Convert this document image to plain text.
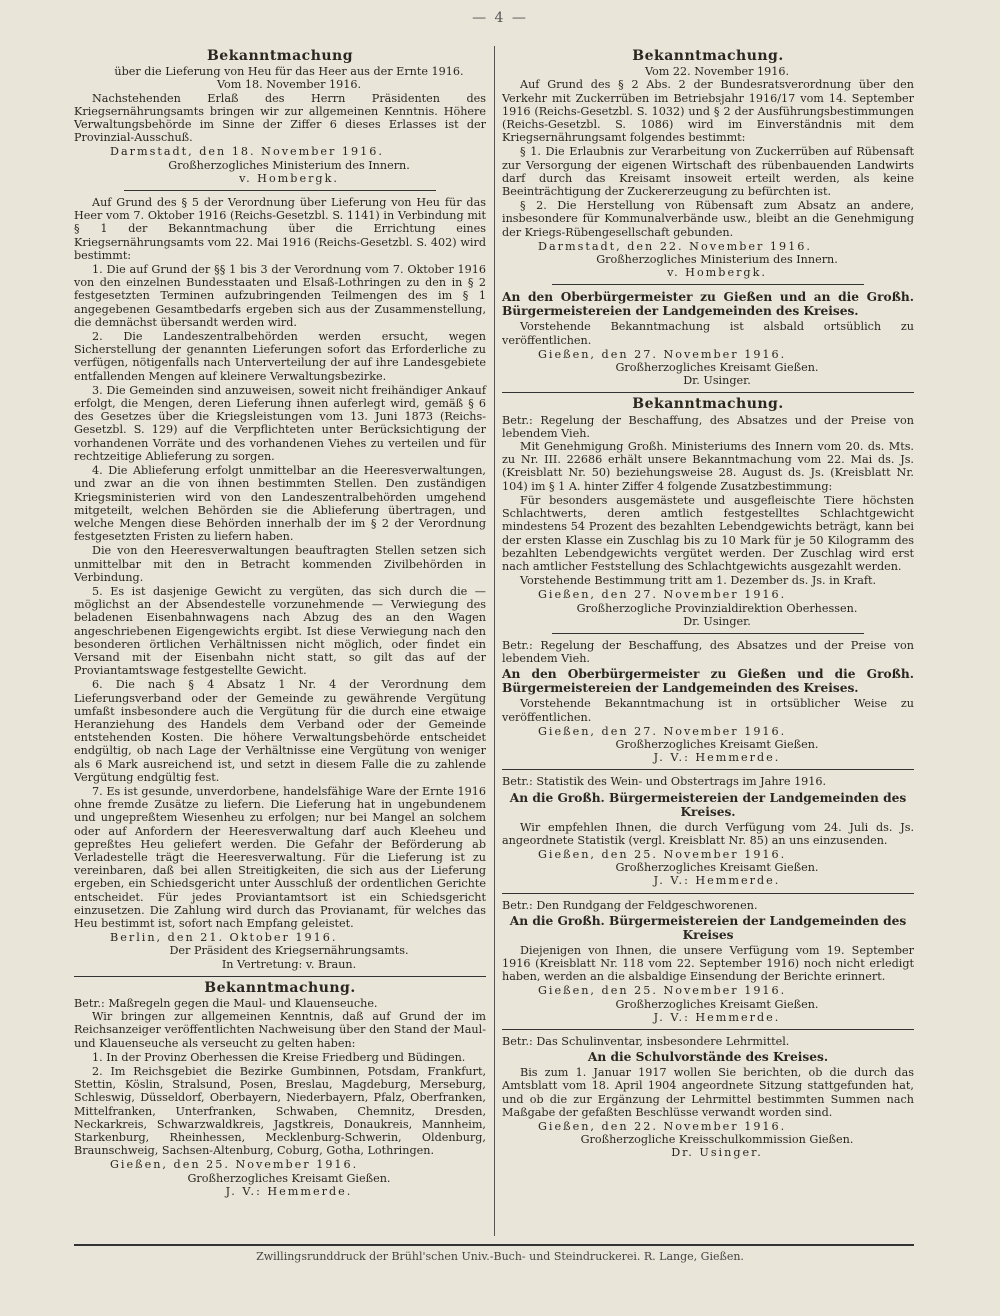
— 4 —
Bekanntmachung

über die Lieferung von Heu für das Heer aus der Ernte 1916.

Vom 18. November 1916.

Nachstehenden Erlaß des Herrn Präsidenten des Kriegsernährungsamts bringen wir zur allgemeinen Kenntnis. Höhere Verwaltungsbehörde im Sinne der Ziffer 6 dieses Erlasses ist der Provinzial-Ausschuß.

Darmstadt, den 18. November 1916.

Großherzogliches Ministerium des Innern.

v. Hombergk.

Auf Grund des § 5 der Verordnung über Lieferung von Heu für das Heer vom 7. Oktober 1916 (Reichs-Gesetzbl. S. 1141) in Verbindung mit § 1 der Bekanntmachung über die Errichtung eines Kriegsernährungsamts vom 22. Mai 1916 (Reichs-Gesetzbl. S. 402) wird bestimmt:

1. Die auf Grund der §§ 1 bis 3 der Verordnung vom 7. Oktober 1916 von den einzelnen Bundesstaaten und Elsaß-Lothringen zu den in § 2 festgesetzten Terminen aufzubringenden Teilmengen des im § 1 angegebenen Gesamtbedarfs ergeben sich aus der Zusammenstellung, die demnächst übersandt werden wird.

2. Die Landeszentralbehörden werden ersucht, wegen Sicherstellung der genannten Lieferungen sofort das Erforderliche zu verfügen, nötigenfalls nach Unterverteilung der auf ihre Landesgebiete entfallenden Mengen auf kleinere Verwaltungsbezirke.

3. Die Gemeinden sind anzuweisen, soweit nicht freihändiger Ankauf erfolgt, die Mengen, deren Lieferung ihnen auferlegt wird, gemäß § 6 des Gesetzes über die Kriegsleistungen vom 13. Juni 1873 (Reichs-Gesetzbl. S. 129) auf die Verpflichteten unter Berücksichtigung der vorhandenen Vorräte und des vorhandenen Viehes zu verteilen und für rechtzeitige Ablieferung zu sorgen.

4. Die Ablieferung erfolgt unmittelbar an die Heeresverwaltungen, und zwar an die von ihnen bestimmten Stellen. Den zuständigen Kriegsministerien wird von den Landeszentralbehörden umgehend mitgeteilt, welchen Behörden sie die Ablieferung übertragen, und welche Mengen diese Behörden innerhalb der im § 2 der Verordnung festgesetzten Fristen zu liefern haben.

Die von den Heeresverwaltungen beauftragten Stellen setzen sich unmittelbar mit den in Betracht kommenden Zivilbehörden in Verbindung.

5. Es ist dasjenige Gewicht zu vergüten, das sich durch die — möglichst an der Absendestelle vorzunehmende — Verwiegung des beladenen Eisenbahnwagens nach Abzug des an den Wagen angeschriebenen Eigengewichts ergibt. Ist diese Verwiegung nach den besonderen örtlichen Verhältnissen nicht möglich, oder findet ein Versand mit der Eisenbahn nicht statt, so gilt das auf der Proviantamtswage festgestellte Gewicht.

6. Die nach § 4 Absatz 1 Nr. 4 der Verordnung dem Lieferungsverband oder der Gemeinde zu gewährende Vergütung umfaßt insbesondere auch die Vergütung für die durch eine etwaige Heranziehung des Handels dem Verband oder der Gemeinde entstehenden Kosten. Die höhere Verwaltungsbehörde entscheidet endgültig, ob nach Lage der Verhältnisse eine Vergütung von weniger als 6 Mark ausreichend ist, und setzt in diesem Falle die zu zahlende Vergütung endgültig fest.

7. Es ist gesunde, unverdorbene, handelsfähige Ware der Ernte 1916 ohne fremde Zusätze zu liefern. Die Lieferung hat in ungebundenem und ungepreßtem Wiesenheu zu erfolgen; nur bei Mangel an solchem oder auf Anfordern der Heeresverwaltung darf auch Kleeheu und gepreßtes Heu geliefert werden. Die Gefahr der Beförderung ab Verladestelle trägt die Heeresverwaltung. Für die Lieferung ist zu vereinbaren, daß bei allen Streitigkeiten, die sich aus der Lieferung ergeben, ein Schiedsgericht unter Ausschluß der ordentlichen Gerichte entscheidet. Für jedes Proviantamtsort ist ein Schiedsgericht einzusetzen. Die Zahlung wird durch das Provianamt, für welches das Heu bestimmt ist, sofort nach Empfang geleistet.

Berlin, den 21. Oktober 1916.

Der Präsident des Kriegsernährungsamts.

In Vertretung: v. Braun.

Bekanntmachung.

Betr.: Maßregeln gegen die Maul- und Klauenseuche.

Wir bringen zur allgemeinen Kenntnis, daß auf Grund der im Reichsanzeiger veröffentlichten Nachweisung über den Stand der Maul- und Klauenseuche als verseucht zu gelten haben:

1. In der Provinz Oberhessen die Kreise Friedberg und Büdingen.

2. Im Reichsgebiet die Bezirke Gumbinnen, Potsdam, Frankfurt, Stettin, Köslin, Stralsund, Posen, Breslau, Magdeburg, Merseburg, Schleswig, Düsseldorf, Oberbayern, Niederbayern, Pfalz, Oberfranken, Mittelfranken, Unterfranken, Schwaben, Chemnitz, Dresden, Neckarkreis, Schwarzwaldkreis, Jagstkreis, Donaukreis, Mannheim, Starkenburg, Rheinhessen, Mecklenburg-Schwerin, Oldenburg, Braunschweig, Sachsen-Altenburg, Coburg, Gotha, Lothringen.

Gießen, den 25. November 1916.

Großherzogliches Kreisamt Gießen.

J. V.: Hemmerde.

Bekanntmachung.

Vom 22. November 1916.

Auf Grund des § 2 Abs. 2 der Bundesratsverordnung über den Verkehr mit Zuckerrüben im Betriebsjahr 1916/17 vom 14. September 1916 (Reichs-Gesetzbl. S. 1032) und § 2 der Ausführungsbestimmungen (Reichs-Gesetzbl. S. 1086) wird im Einverständnis mit dem Kriegsernährungsamt folgendes bestimmt:

§ 1. Die Erlaubnis zur Verarbeitung von Zuckerrüben auf Rübensaft zur Versorgung der eigenen Wirtschaft des rübenbauenden Landwirts darf durch das Kreisamt insoweit erteilt werden, als keine Beeinträchtigung der Zuckererzeugung zu befürchten ist.

§ 2. Die Herstellung von Rübensaft zum Absatz an andere, insbesondere für Kommunalverbände usw., bleibt an die Genehmigung der Kriegs-Rübengesellschaft gebunden.

Darmstadt, den 22. November 1916.

Großherzogliches Ministerium des Innern.

v. Hombergk.

An den Oberbürgermeister zu Gießen und an die Großh. Bürgermeistereien der Landgemeinden des Kreises.

Vorstehende Bekanntmachung ist alsbald ortsüblich zu veröffentlichen.

Gießen, den 27. November 1916.

Großherzogliches Kreisamt Gießen.

Dr. Usinger.

Bekanntmachung.

Betr.: Regelung der Beschaffung, des Absatzes und der Preise von lebendem Vieh.

Mit Genehmigung Großh. Ministeriums des Innern vom 20. ds. Mts. zu Nr. III. 22686 erhält unsere Bekanntmachung vom 22. Mai ds. Js. (Kreisblatt Nr. 50) beziehungsweise 28. August ds. Js. (Kreisblatt Nr. 104) im § 1 A. hinter Ziffer 4 folgende Zusatzbestimmung:

Für besonders ausgemästete und ausgefleischte Tiere höchsten Schlachtwerts, deren amtlich festgestelltes Schlachtgewicht mindestens 54 Prozent des bezahlten Lebendgewichts beträgt, kann bei der ersten Klasse ein Zuschlag bis zu 10 Mark für je 50 Kilogramm des bezahlten Lebendgewichts vergütet werden. Der Zuschlag wird erst nach amtlicher Feststellung des Schlachtgewichts ausgezahlt werden.

Vorstehende Bestimmung tritt am 1. Dezember ds. Js. in Kraft.

Gießen, den 27. November 1916.

Großherzogliche Provinzialdirektion Oberhessen.

Dr. Usinger.

Betr.: Regelung der Beschaffung, des Absatzes und der Preise von lebendem Vieh.

An den Oberbürgermeister zu Gießen und die Großh. Bürgermeistereien der Landgemeinden des Kreises.

Vorstehende Bekanntmachung ist in ortsüblicher Weise zu veröffentlichen.

Gießen, den 27. November 1916.

Großherzogliches Kreisamt Gießen.

J. V.: Hemmerde.

Betr.: Statistik des Wein- und Obstertrags im Jahre 1916.

An die Großh. Bürgermeistereien der Landgemeinden des Kreises.

Wir empfehlen Ihnen, die durch Verfügung vom 24. Juli ds. Js. angeordnete Statistik (vergl. Kreisblatt Nr. 85) an uns einzusenden.

Gießen, den 25. November 1916.

Großherzogliches Kreisamt Gießen.

J. V.: Hemmerde.

Betr.: Den Rundgang der Feldgeschworenen.

An die Großh. Bürgermeistereien der Landgemeinden des Kreises

Diejenigen von Ihnen, die unsere Verfügung vom 19. September 1916 (Kreisblatt Nr. 118 vom 22. September 1916) noch nicht erledigt haben, werden an die alsbaldige Einsendung der Berichte erinnert.

Gießen, den 25. November 1916.

Großherzogliches Kreisamt Gießen.

J. V.: Hemmerde.

Betr.: Das Schulinventar, insbesondere Lehrmittel.

An die Schulvorstände des Kreises.

Bis zum 1. Januar 1917 wollen Sie berichten, ob die durch das Amtsblatt vom 18. April 1904 angeordnete Sitzung stattgefunden hat, und ob die zur Ergänzung der Lehrmittel bestimmten Summen nach Maßgabe der gefaßten Beschlüsse verwandt worden sind.

Gießen, den 22. November 1916.

Großherzogliche Kreisschulkommission Gießen.

Dr. Usinger.

Zwillingsrunddruck der Brühl'schen Univ.-Buch- und Steindruckerei. R. Lange, Gießen.
